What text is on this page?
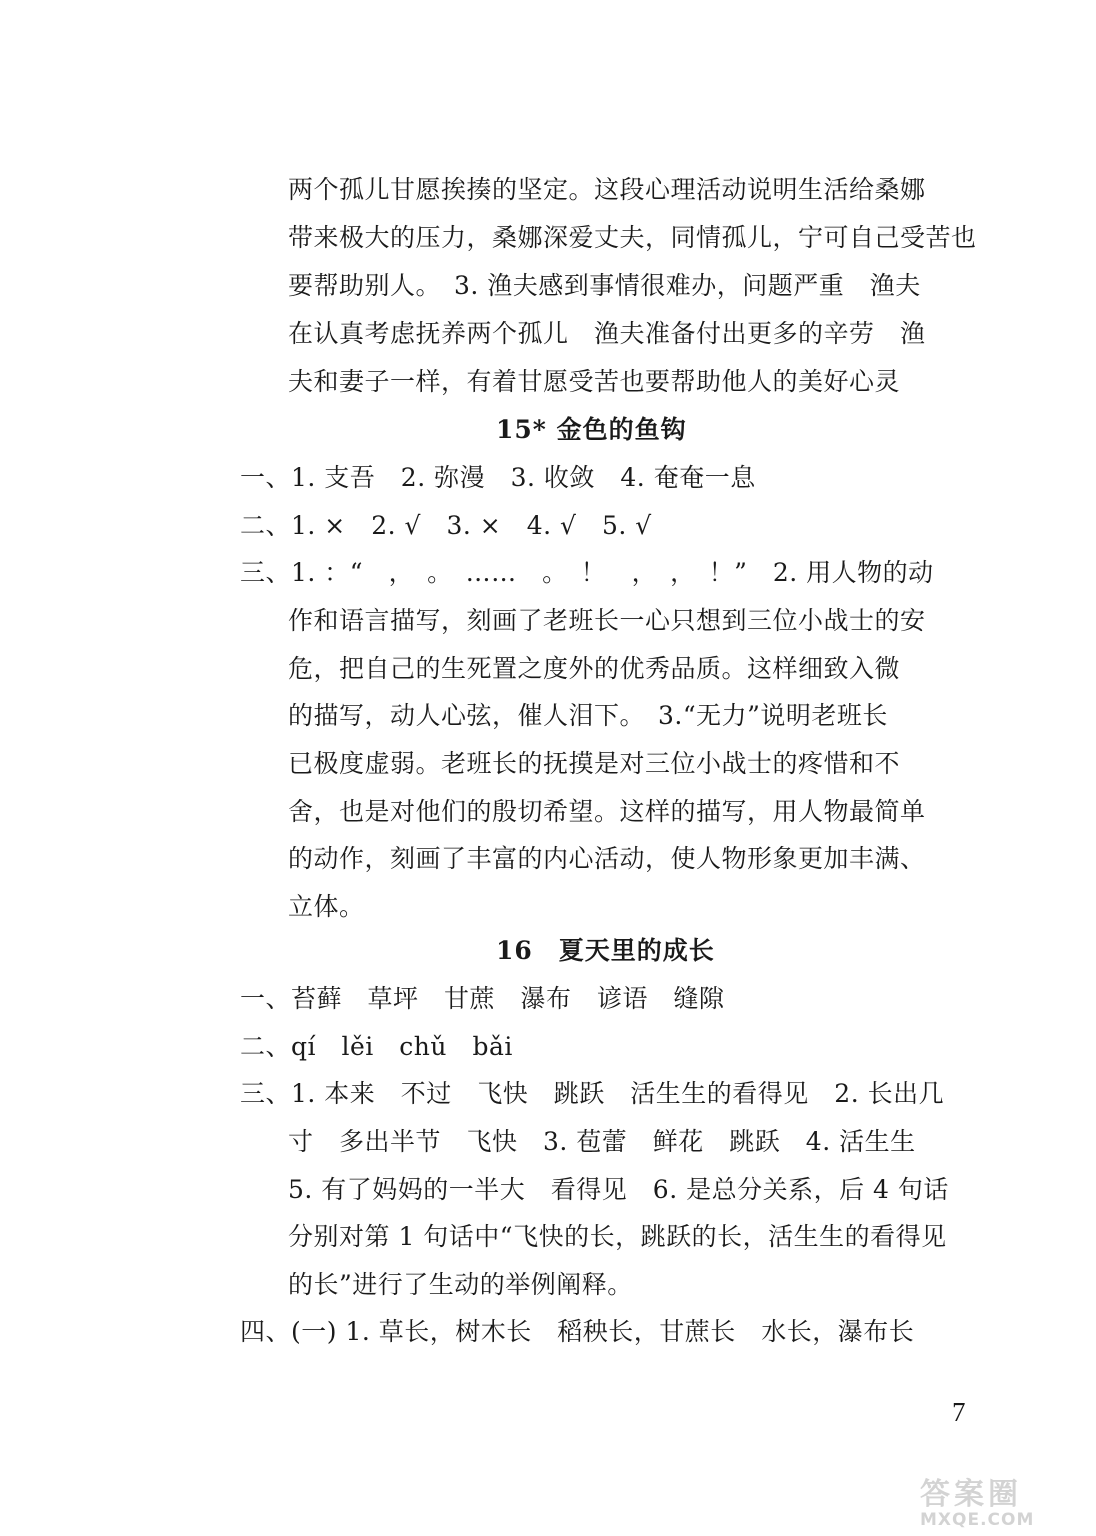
两个孤儿甘愿挨揍的坚定。这段心理活动说明生活给桑娜
带来极大的压力，桑娜深爱丈夫，同情孤儿，宁可自己受苦也
要帮助别人。　3. 渔夫感到事情很难办，问题严重　渔夫
在认真考虑抚养两个孤儿　渔夫准备付出更多的辛劳　渔
夫和妻子一样，有着甘愿受苦也要帮助他人的美好心灵
15* 金色的鱼钩
一、1. 支吾　2. 弥漫　3. 收敛　4. 奄奄一息
二、1. ×　2. √　3. ×　4. √　5. √
三、1. ：“　，　。　……　。　！　，　，　！”　2. 用人物的动
作和语言描写，刻画了老班长一心只想到三位小战士的安
危，把自己的生死置之度外的优秀品质。这样细致入微
的描写，动人心弦，催人泪下。　3.“无力”说明老班长
已极度虚弱。老班长的抚摸是对三位小战士的疼惜和不
舍，也是对他们的殷切希望。这样的描写，用人物最简单
的动作，刻画了丰富的内心活动，使人物形象更加丰满、
立体。
16　夏天里的成长
一、苔藓　草坪　甘蔗　瀑布　谚语　缝隙
二、qí　lěi　chǔ　bǎi
三、1. 本来　不过　飞快　跳跃　活生生的看得见　2. 长出几
寸　多出半节　飞快　3. 苞蕾　鲜花　跳跃　4. 活生生
5. 有了妈妈的一半大　看得见　6. 是总分关系，后 4 句话
分别对第 1 句话中“飞快的长，跳跃的长，活生生的看得见
的长”进行了生动的举例阐释。
四、(一) 1. 草长，树木长　稻秧长，甘蔗长　水长，瀑布长
7
答案圈
MXQE.COM
